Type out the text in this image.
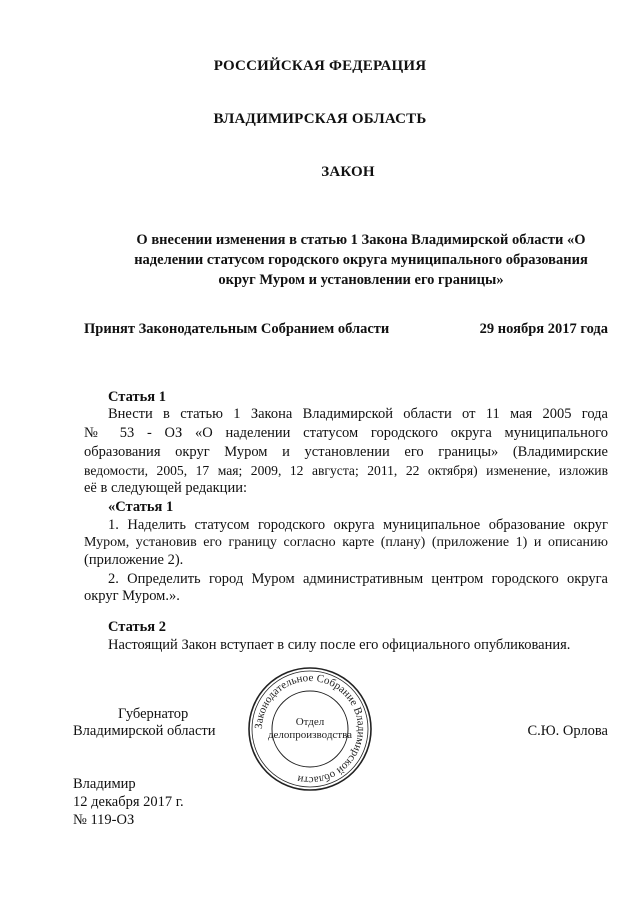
РОССИЙСКАЯ ФЕДЕРАЦИЯ
ВЛАДИМИРСКАЯ ОБЛАСТЬ
ЗАКОН
О внесении изменения в статью 1 Закона Владимирской области «О
наделении статусом городского округа муниципального образования
округ Муром и установлении его границы»
Принят Законодательным Собранием области	29 ноября 2017 года
Статья 1
Внести в статью 1 Закона Владимирской области от 11 мая 2005 года
№ 53 - ОЗ «О наделении статусом городского округа муниципального
образования округ Муром и установлении его границы» (Владимирские
ведомости, 2005, 17 мая; 2009, 12 августа; 2011, 22 октября) изменение, изложив
её в следующей редакции:
«Статья 1
1. Наделить статусом городского округа муниципальное образование округ
Муром, установив его границу согласно карте (плану) (приложение 1) и описанию
(приложение 2).
2. Определить город Муром административным центром городского округа
округ Муром.».
Статья 2
Настоящий Закон вступает в силу после его официального опубликования.
Губернатор
Владимирской области	С.Ю. Орлова
Законодательное Собрание Владимирской области
Отдел
делопроизводства
Владимир
12 декабря 2017 г.
№ 119-ОЗ
